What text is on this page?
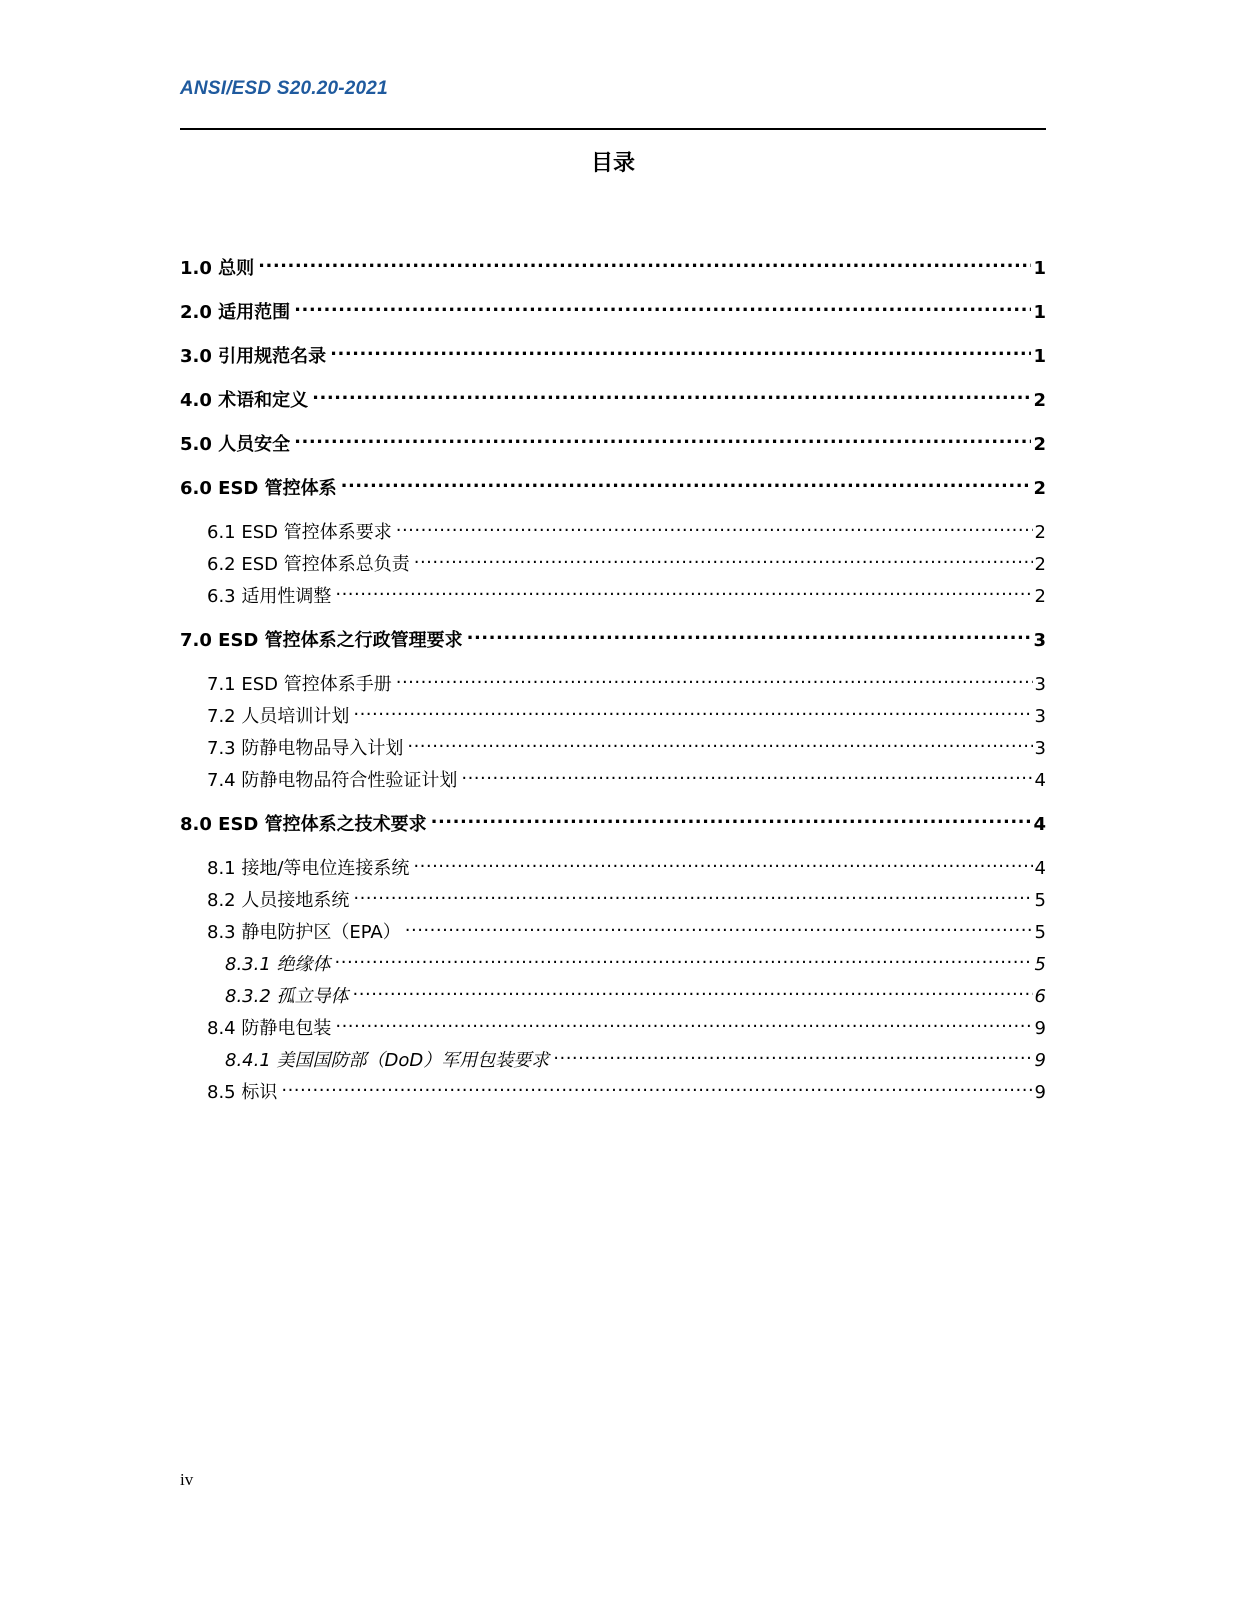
ANSI/ESD S20.20-2021
目录
1.0 总则 .....	1
2.0 适用范围 .....	1
3.0 引用规范名录 .....	1
4.0 术语和定义 .....	2
5.0 人员安全 .....	2
6.0 ESD 管控体系 .....	2
6.1 ESD 管控体系要求 .....	2
6.2 ESD 管控体系总负责 .....	2
6.3 适用性调整 .....	2
7.0 ESD 管控体系之行政管理要求 .....	3
7.1 ESD 管控体系手册 .....	3
7.2 人员培训计划 .....	3
7.3 防静电物品导入计划 .....	3
7.4 防静电物品符合性验证计划 .....	4
8.0 ESD 管控体系之技术要求 .....	4
8.1 接地/等电位连接系统 .....	4
8.2 人员接地系统 .....	5
8.3 静电防护区（EPA） .....	5
8.3.1 绝缘体 .....	5
8.3.2 孤立导体 .....	6
8.4 防静电包装 .....	9
8.4.1 美国国防部（DoD）军用包装要求 .....	9
8.5 标识 .....	9
iv
